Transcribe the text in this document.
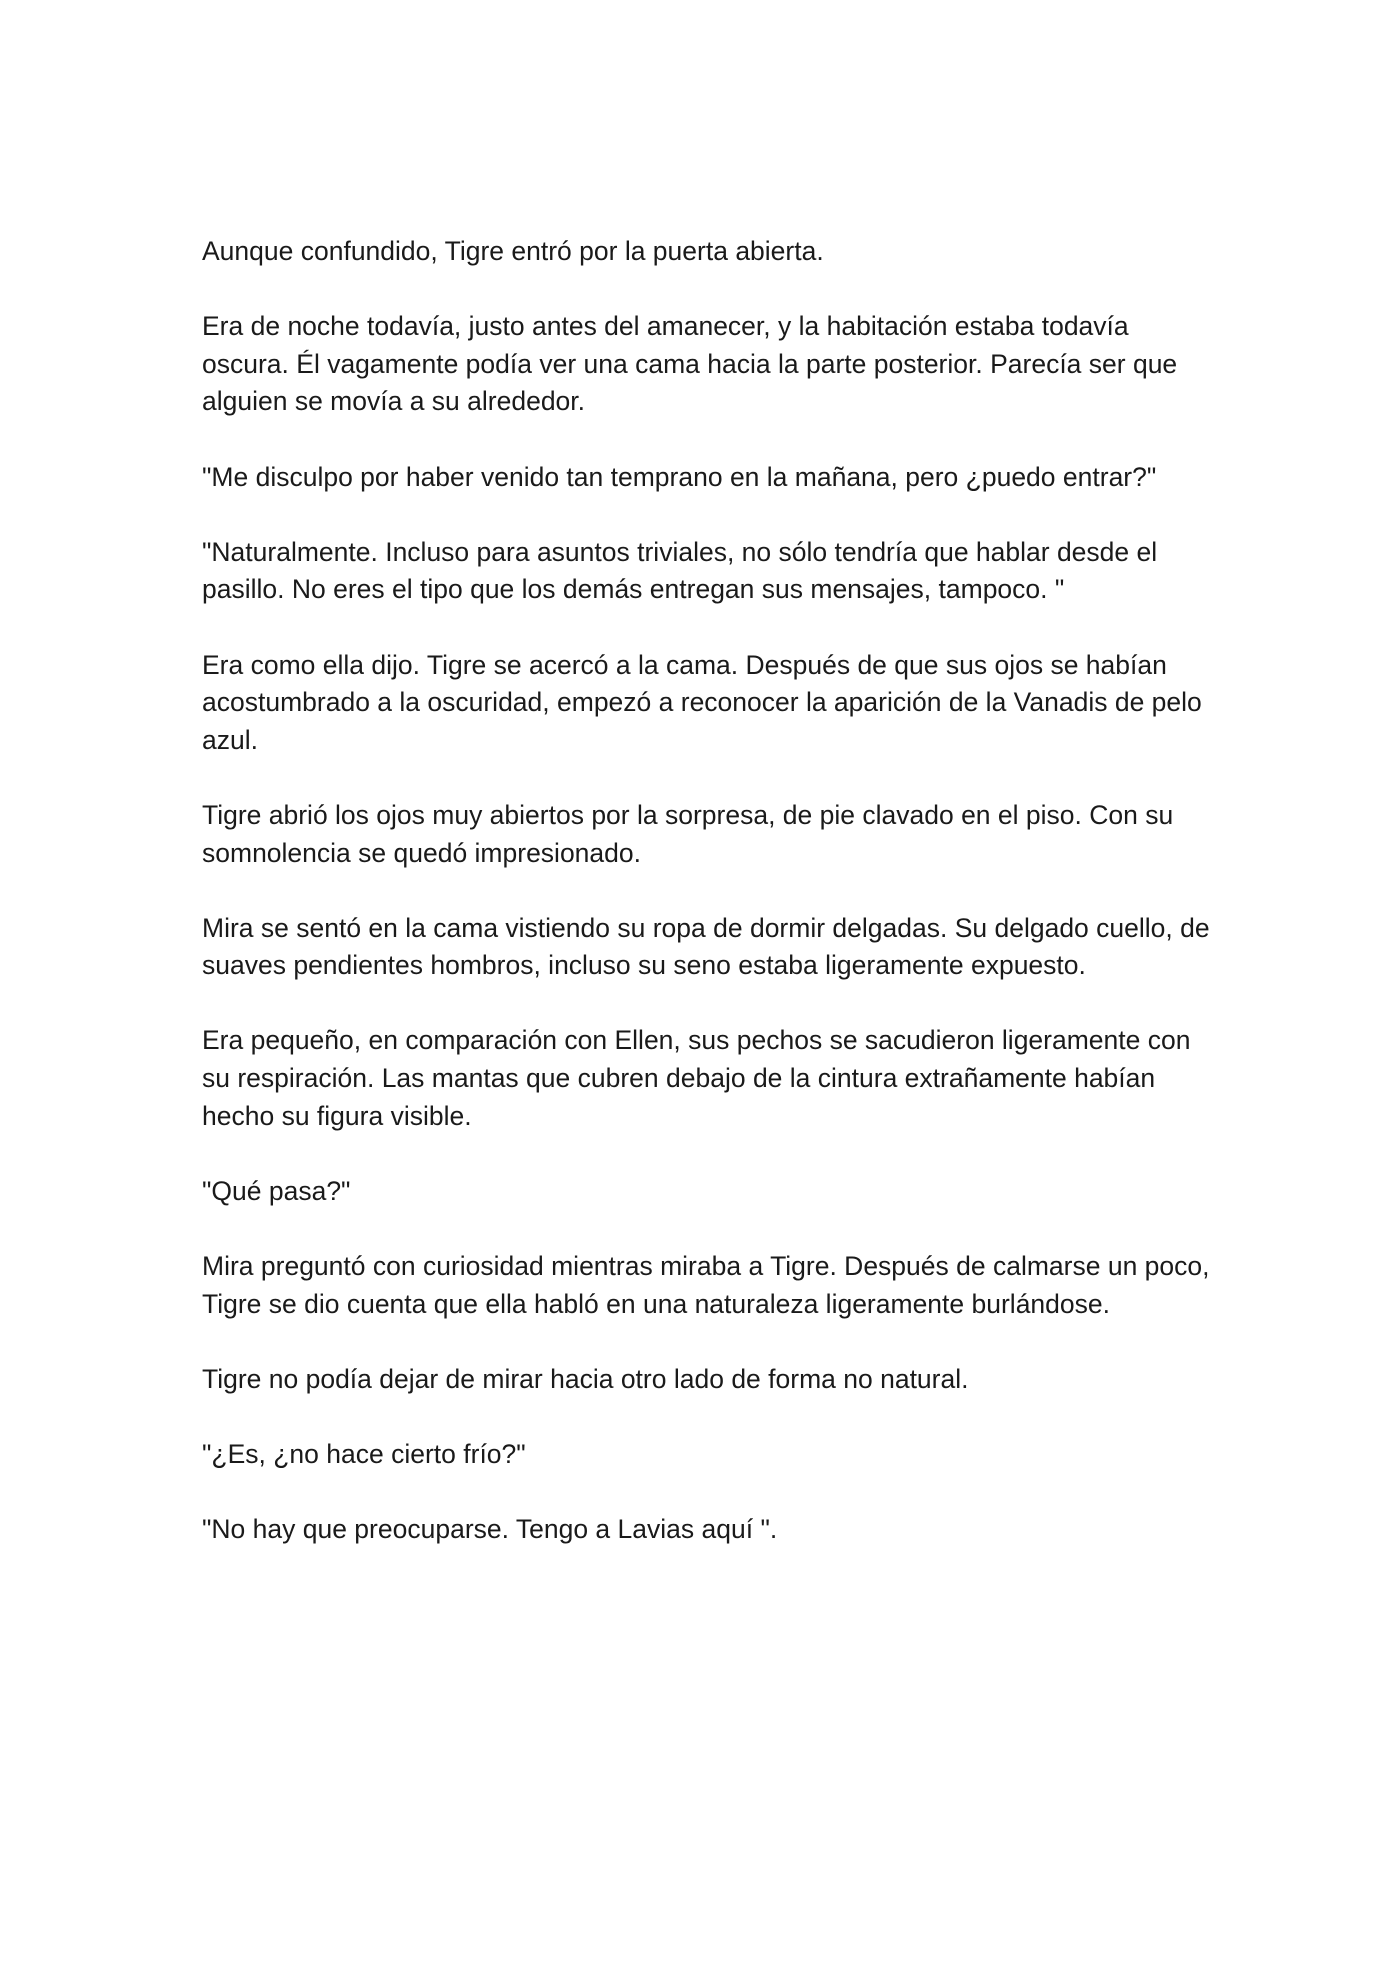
Aunque confundido, Tigre entró por la puerta abierta.

Era de noche todavía, justo antes del amanecer, y la habitación estaba todavía oscura. Él vagamente podía ver una cama hacia la parte posterior. Parecía ser que alguien se movía a su alrededor.

"Me disculpo por haber venido tan temprano en la mañana, pero ¿puedo entrar?"

"Naturalmente. Incluso para asuntos triviales, no sólo tendría que hablar desde el pasillo. No eres el tipo que los demás entregan sus mensajes, tampoco. "

Era como ella dijo. Tigre se acercó a la cama. Después de que sus ojos se habían acostumbrado a la oscuridad, empezó a reconocer la aparición de la Vanadis de pelo azul.

Tigre abrió los ojos muy abiertos por la sorpresa, de pie clavado en el piso. Con su somnolencia se quedó impresionado.

Mira se sentó en la cama vistiendo su ropa de dormir delgadas. Su delgado cuello, de suaves pendientes hombros, incluso su seno estaba ligeramente expuesto.

Era pequeño, en comparación con Ellen, sus pechos se sacudieron ligeramente con su respiración. Las mantas que cubren debajo de la cintura extrañamente habían hecho su figura visible.

"Qué pasa?"

Mira preguntó con curiosidad mientras miraba a Tigre. Después de calmarse un poco, Tigre se dio cuenta que ella habló en una naturaleza ligeramente burlándose.

Tigre no podía dejar de mirar hacia otro lado de forma no natural.

"¿Es, ¿no hace cierto frío?"

"No hay que preocuparse. Tengo a Lavias aquí ".
